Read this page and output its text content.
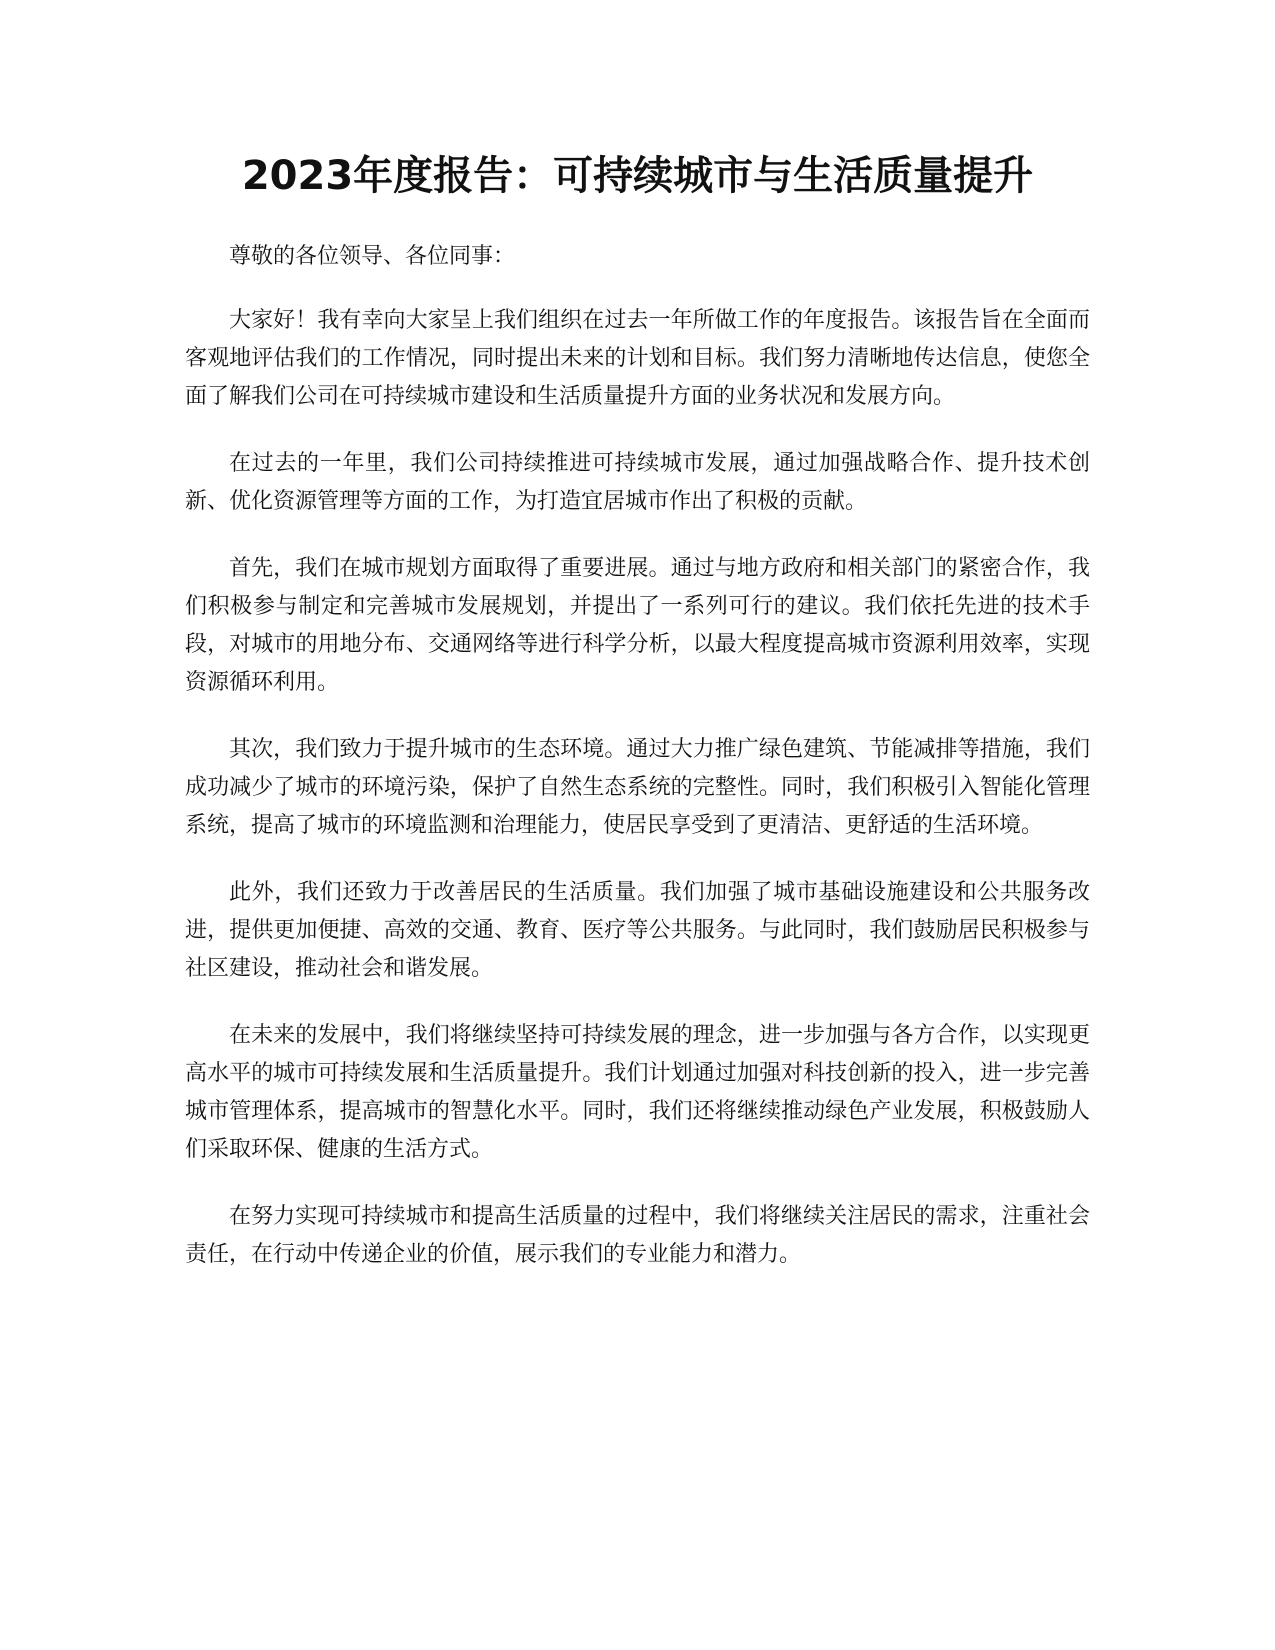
2023年度报告：可持续城市与生活质量提升

尊敬的各位领导、各位同事：

大家好！我有幸向大家呈上我们组织在过去一年所做工作的年度报告。该报告旨在全面而客观地评估我们的工作情况，同时提出未来的计划和目标。我们努力清晰地传达信息，使您全面了解我们公司在可持续城市建设和生活质量提升方面的业务状况和发展方向。

在过去的一年里，我们公司持续推进可持续城市发展，通过加强战略合作、提升技术创新、优化资源管理等方面的工作，为打造宜居城市作出了积极的贡献。

首先，我们在城市规划方面取得了重要进展。通过与地方政府和相关部门的紧密合作，我们积极参与制定和完善城市发展规划，并提出了一系列可行的建议。我们依托先进的技术手段，对城市的用地分布、交通网络等进行科学分析，以最大程度提高城市资源利用效率，实现资源循环利用。

其次，我们致力于提升城市的生态环境。通过大力推广绿色建筑、节能减排等措施，我们成功减少了城市的环境污染，保护了自然生态系统的完整性。同时，我们积极引入智能化管理系统，提高了城市的环境监测和治理能力，使居民享受到了更清洁、更舒适的生活环境。

此外，我们还致力于改善居民的生活质量。我们加强了城市基础设施建设和公共服务改进，提供更加便捷、高效的交通、教育、医疗等公共服务。与此同时，我们鼓励居民积极参与社区建设，推动社会和谐发展。

在未来的发展中，我们将继续坚持可持续发展的理念，进一步加强与各方合作，以实现更高水平的城市可持续发展和生活质量提升。我们计划通过加强对科技创新的投入，进一步完善城市管理体系，提高城市的智慧化水平。同时，我们还将继续推动绿色产业发展，积极鼓励人们采取环保、健康的生活方式。

在努力实现可持续城市和提高生活质量的过程中，我们将继续关注居民的需求，注重社会责任，在行动中传递企业的价值，展示我们的专业能力和潜力。
